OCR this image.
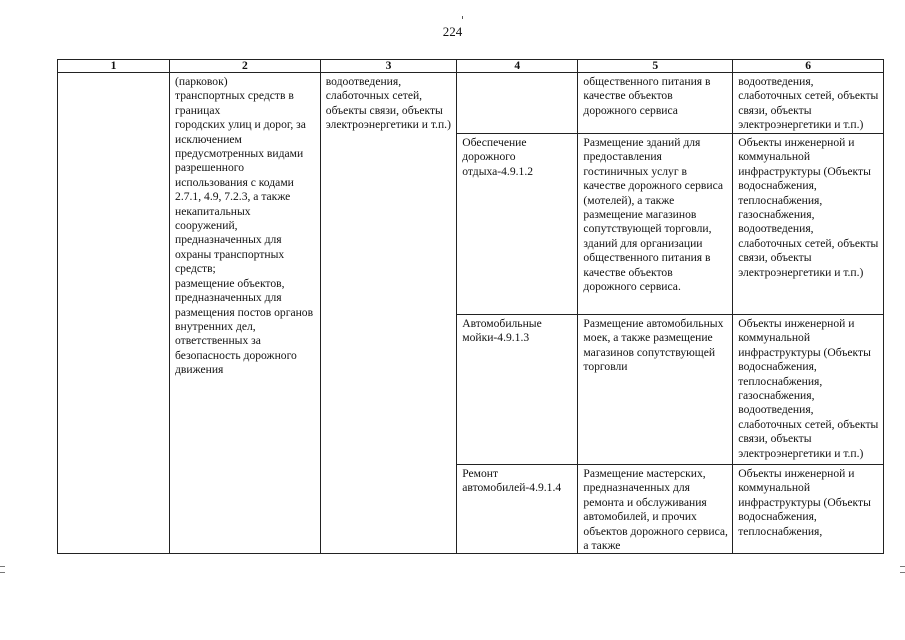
224
1	2	3	4	5	6
	(парковок)
транспортных средств в границах
городских улиц и дорог, за исключением предусмотренных видами разрешенного использования с кодами 2.7.1, 4.9, 7.2.3, а также некапитальных сооружений, предназначенных для охраны транспортных средств;
размещение объектов, предназначенных для размещения постов органов внутренних дел, ответственных за безопасность дорожного движения	водоотведения, слаботочных сетей, объекты связи, объекты электроэнергетики и т.п.)		общественного питания в качестве объектов дорожного сервиса	водоотведения, слаботочных сетей, объекты связи, объекты электроэнергетики и т.п.)
			Обеспечение дорожного отдыха-4.9.1.2	Размещение зданий для предоставления гостиничных услуг в качестве дорожного сервиса (мотелей), а также размещение магазинов сопутствующей торговли, зданий для организации общественного питания в качестве объектов дорожного сервиса.	Объекты инженерной и коммунальной инфраструктуры (Объекты водоснабжения, теплоснабжения, газоснабжения, водоотведения, слаботочных сетей, объекты связи, объекты электроэнергетики и т.п.)
			Автомобильные мойки-4.9.1.3	Размещение автомобильных моек, а также размещение магазинов сопутствующей торговли	Объекты инженерной и коммунальной инфраструктуры (Объекты водоснабжения, теплоснабжения, газоснабжения, водоотведения, слаботочных сетей, объекты связи, объекты электроэнергетики и т.п.)
			Ремонт автомобилей-4.9.1.4	Размещение мастерских, предназначенных для ремонта и обслуживания автомобилей, и прочих объектов дорожного сервиса, а также	Объекты инженерной и коммунальной инфраструктуры (Объекты водоснабжения, теплоснабжения,
